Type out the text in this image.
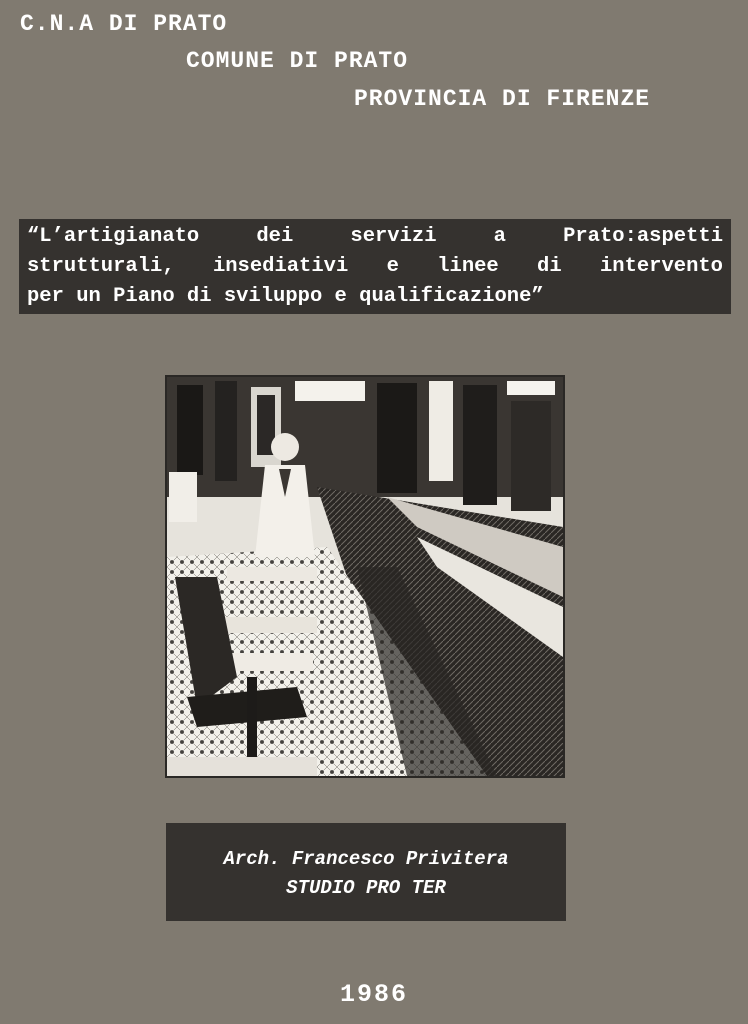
C.N.A DI PRATO
COMUNE DI PRATO
PROVINCIA DI FIRENZE
“L’artigianato dei servizi a Prato:aspetti
strutturali, insediativi e linee di intervento
per un Piano di sviluppo e qualificazione”
Arch. Francesco Privitera
STUDIO PRO TER
1986
